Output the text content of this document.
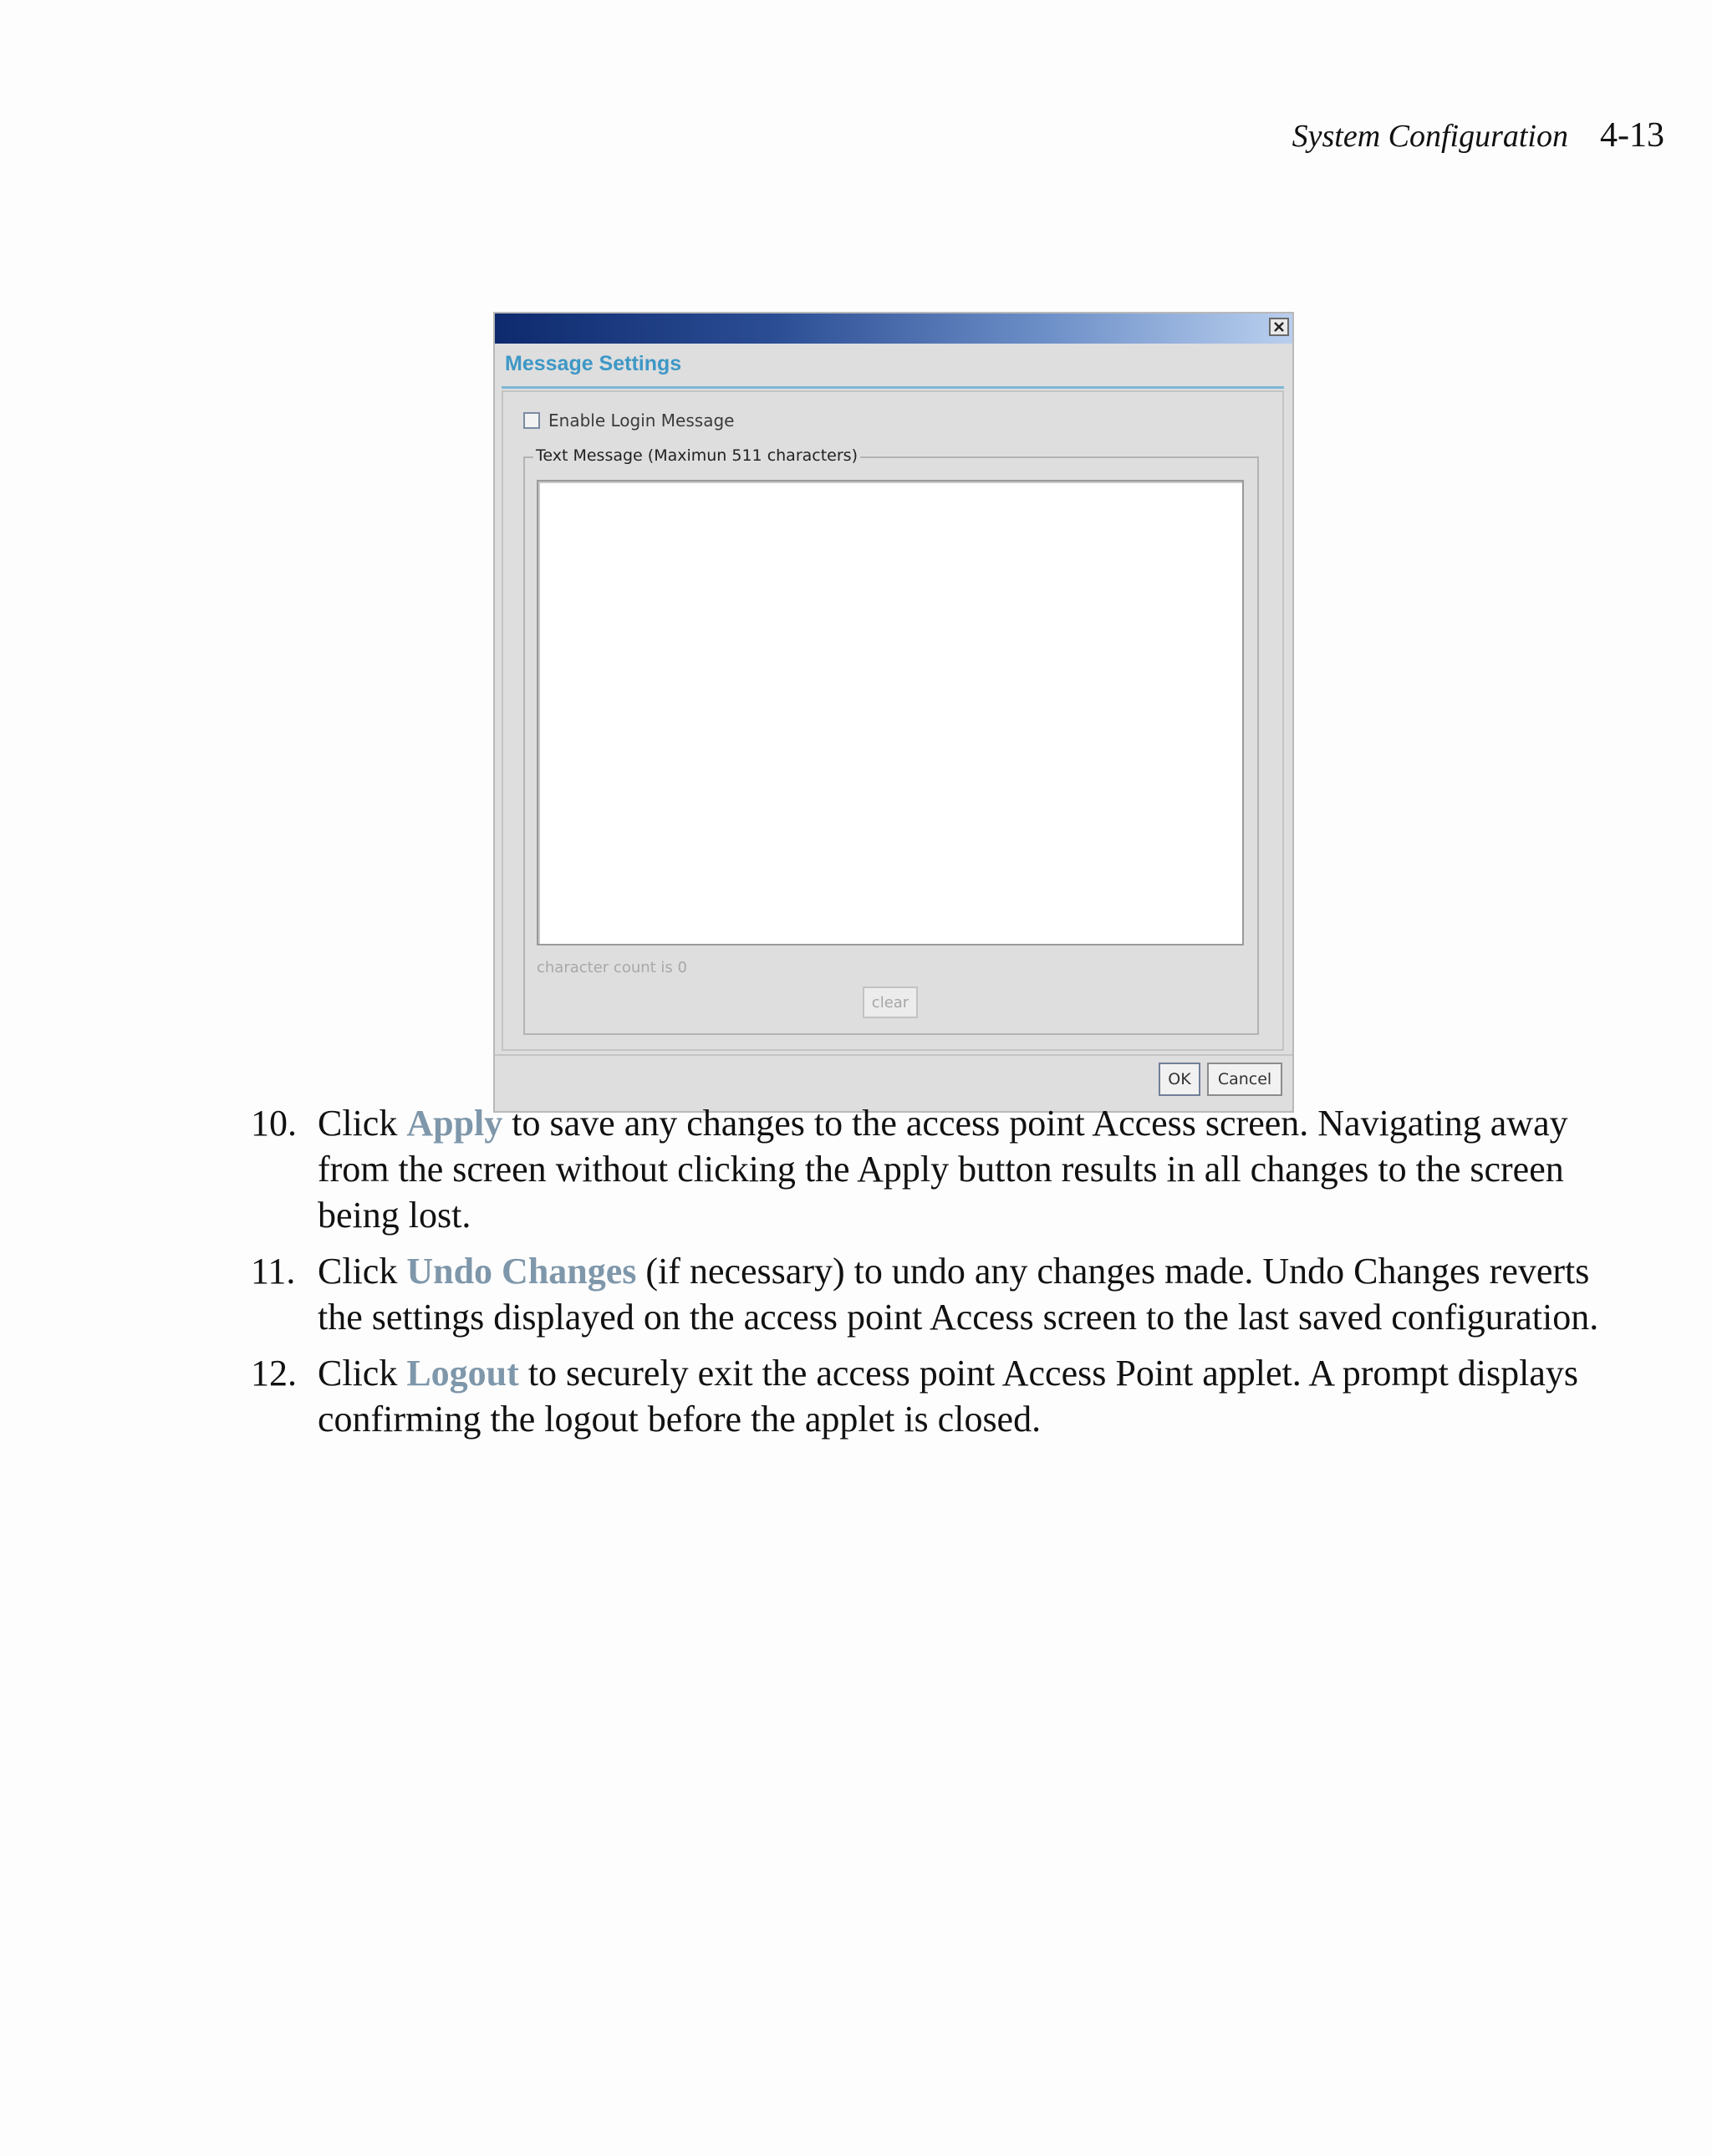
System Configuration 4-13
Message Settings
Enable Login Message
Text Message (Maximun 511 characters)
character count is 0
clear
OK	Cancel
10. Click Apply to save any changes to the access point Access screen. Navigating away from the screen without clicking the Apply button results in all changes to the screen being lost.
11. Click Undo Changes (if necessary) to undo any changes made. Undo Changes reverts the settings displayed on the access point Access screen to the last saved configuration.
12. Click Logout to securely exit the access point Access Point applet. A prompt displays confirming the logout before the applet is closed.
